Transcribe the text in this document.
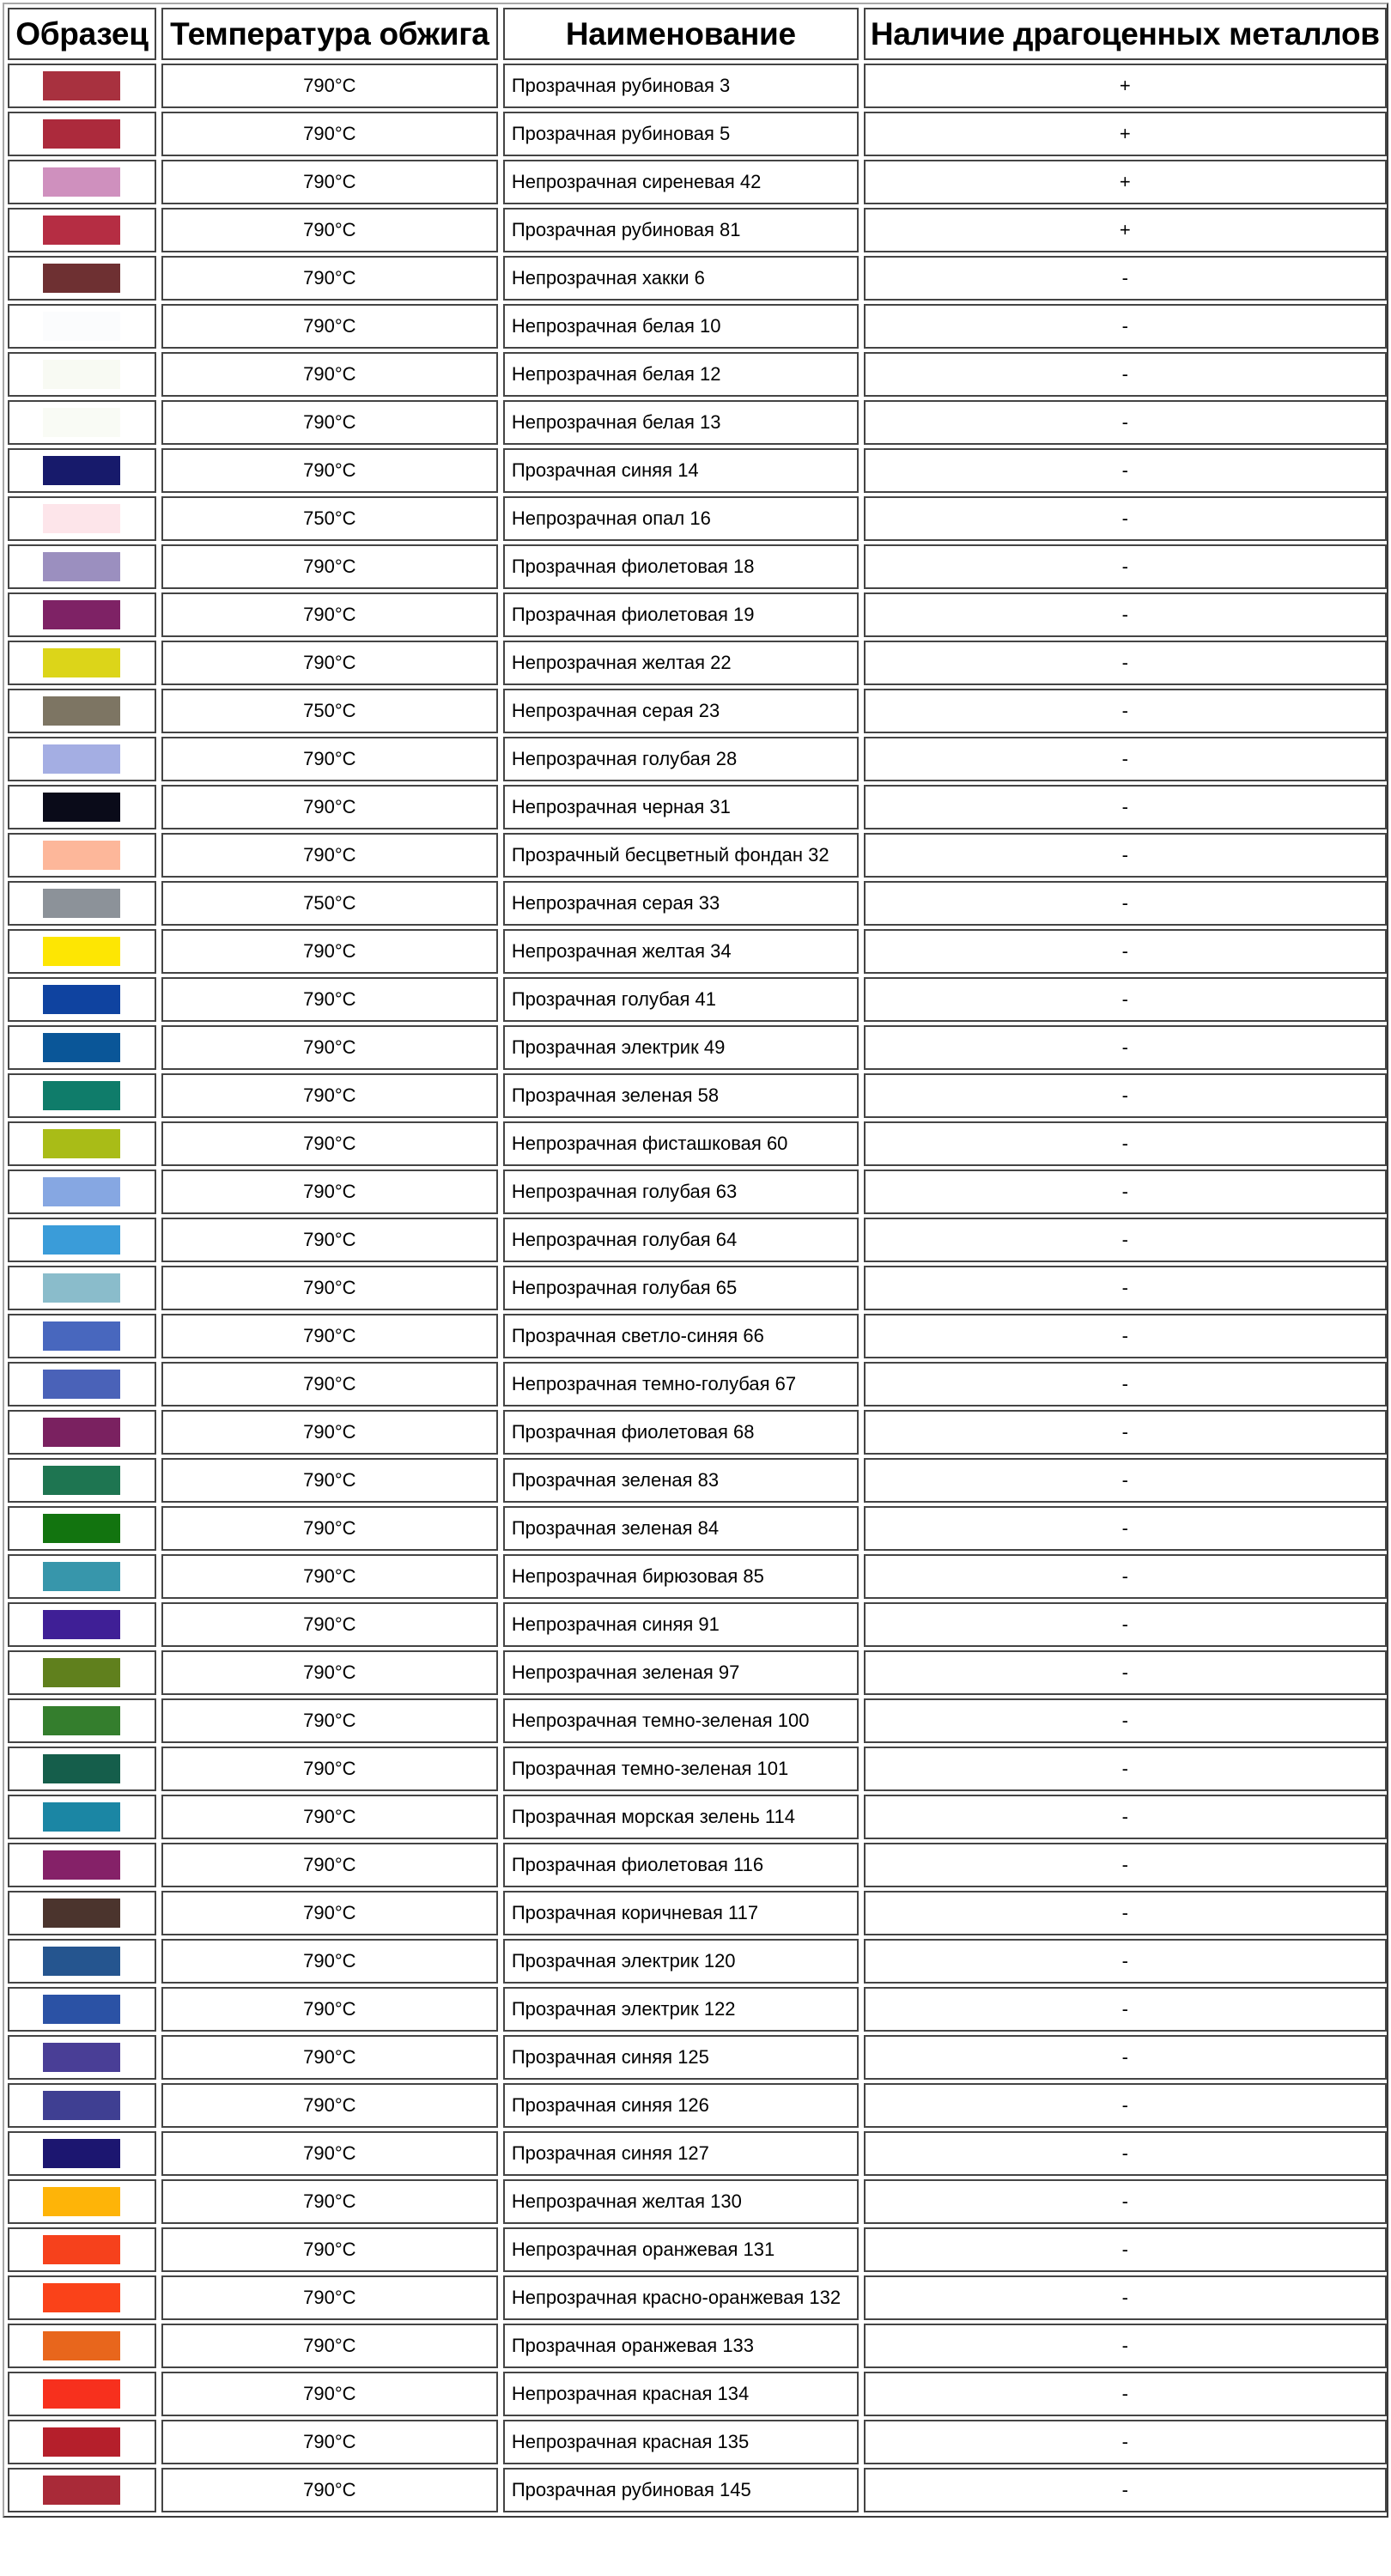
Образец		Температура обжига		Наименование		Наличие драгоценных металлов

		790°C		Прозрачная рубиновая 3		+

		790°C		Прозрачная рубиновая 5		+

		790°C		Непрозрачная сиреневая 42		+

		790°C		Прозрачная рубиновая 81		+

		790°C		Непрозрачная хакки 6		-

		790°C		Непрозрачная белая 10		-

		790°C		Непрозрачная белая 12		-

		790°C		Непрозрачная белая 13		-

		790°C		Прозрачная синяя 14		-

		750°C		Непрозрачная опал 16		-

		790°C		Прозрачная фиолетовая 18		-

		790°C		Прозрачная фиолетовая 19		-

		790°C		Непрозрачная желтая 22		-

		750°C		Непрозрачная серая 23		-

		790°C		Непрозрачная голубая 28		-

		790°C		Непрозрачная черная 31		-

		790°C		Прозрачный бесцветный фондан 32		-

		750°C		Непрозрачная серая 33		-

		790°C		Непрозрачная желтая 34		-

		790°C		Прозрачная голубая 41		-

		790°C		Прозрачная электрик 49		-

		790°C		Прозрачная зеленая 58		-

		790°C		Непрозрачная фисташковая 60		-

		790°C		Непрозрачная голубая 63		-

		790°C		Непрозрачная голубая 64		-

		790°C		Непрозрачная голубая 65		-

		790°C		Прозрачная светло-синяя 66		-

		790°C		Непрозрачная темно-голубая 67		-

		790°C		Прозрачная фиолетовая 68		-

		790°C		Прозрачная зеленая 83		-

		790°C		Прозрачная зеленая 84		-

		790°C		Непрозрачная бирюзовая 85		-

		790°C		Непрозрачная синяя 91		-

		790°C		Непрозрачная зеленая 97		-

		790°C		Непрозрачная темно-зеленая 100		-

		790°C		Прозрачная темно-зеленая 101		-

		790°C		Прозрачная морская зелень 114		-

		790°C		Прозрачная фиолетовая 116		-

		790°C		Прозрачная коричневая 117		-

		790°C		Прозрачная электрик 120		-

		790°C		Прозрачная электрик 122		-

		790°C		Прозрачная синяя 125		-

		790°C		Прозрачная синяя 126		-

		790°C		Прозрачная синяя 127		-

		790°C		Непрозрачная желтая 130		-

		790°C		Непрозрачная оранжевая 131		-

		790°C		Непрозрачная красно-оранжевая 132		-

		790°C		Прозрачная оранжевая 133		-

		790°C		Непрозрачная красная 134		-

		790°C		Непрозрачная красная 135		-

		790°C		Прозрачная рубиновая 145		-
